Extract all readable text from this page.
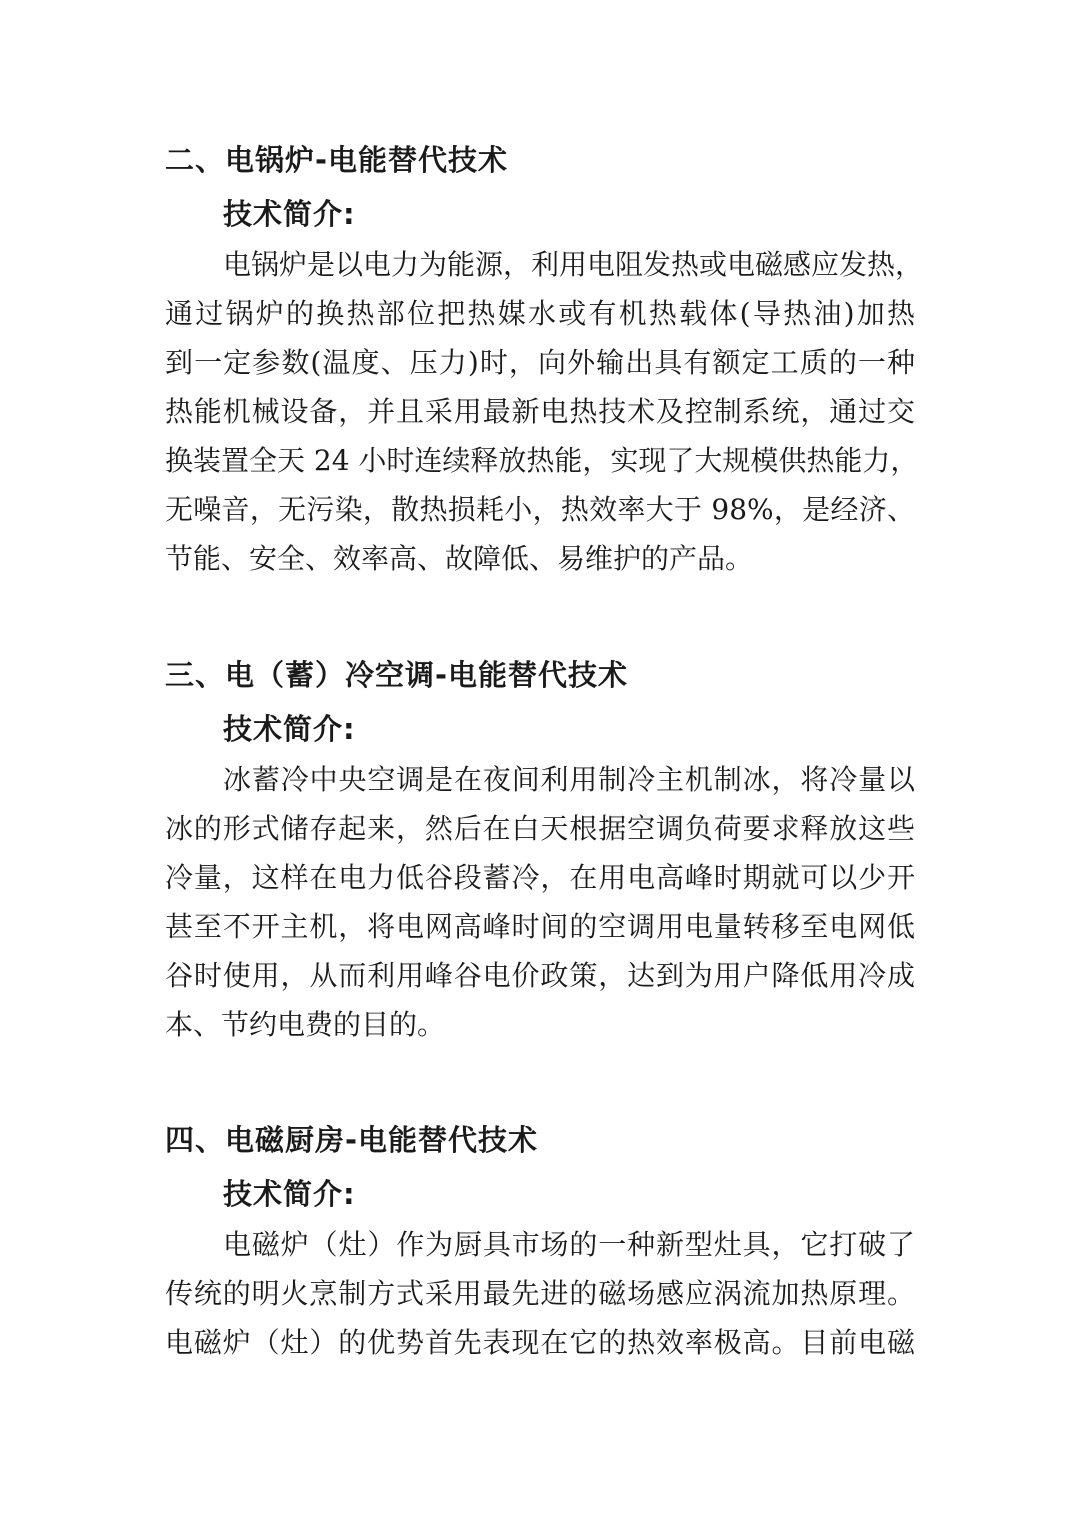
二、电锅炉-电能替代技术
技术简介:

电锅炉是以电力为能源，利用电阻发热或电磁感应发热，
通过锅炉的换热部位把热媒水或有机热载体(导热油)加热
到一定参数(温度、压力)时，向外输出具有额定工质的一种
热能机械设备，并且采用最新电热技术及控制系统，通过交
换装置全天 24 小时连续释放热能，实现了大规模供热能力，
无噪音，无污染，散热损耗小，热效率大于 98%，是经济、
节能、安全、效率高、故障低、易维护的产品。

三、电（蓄）冷空调-电能替代技术
技术简介:

冰蓄冷中央空调是在夜间利用制冷主机制冰，将冷量以
冰的形式储存起来，然后在白天根据空调负荷要求释放这些
冷量，这样在电力低谷段蓄冷，在用电高峰时期就可以少开
甚至不开主机，将电网高峰时间的空调用电量转移至电网低
谷时使用，从而利用峰谷电价政策，达到为用户降低用冷成
本、节约电费的目的。

四、电磁厨房-电能替代技术
技术简介:

电磁炉（灶）作为厨具市场的一种新型灶具，它打破了
传统的明火烹制方式采用最先进的磁场感应涡流加热原理。
电磁炉（灶）的优势首先表现在它的热效率极高。目前电磁
